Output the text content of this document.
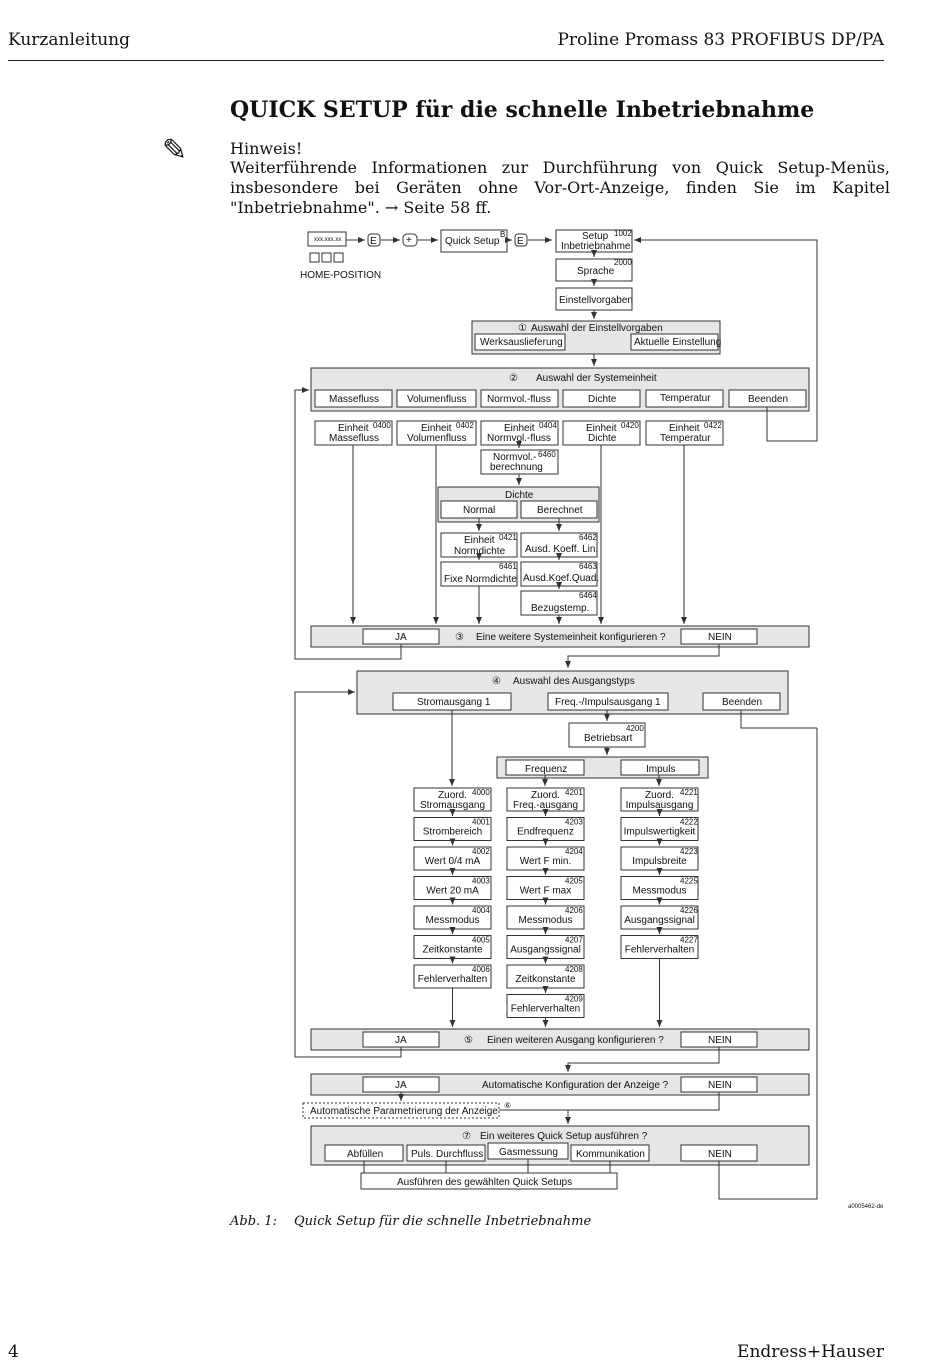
Kurzanleitung	Proline Promass 83 PROFIBUS DP/PA
QUICK SETUP für die schnelle Inbetriebnahme
✎	Hinweis!
Weiterführende Informationen zur Durchführung von Quick Setup-Menüs, insbesondere bei Geräten ohne Vor-Ort-Anzeige, finden Sie im Kapitel "Inbetriebnahme". → Seite 58 ff.
xxx.xxx.xx
HOME-POSITION
E	+	Quick Setup
B
E	Setup
Inbetriebnahme
1002
Sprache
2000
Einstellvorgaben
① Auswahl der Einstellvorgaben
Werksauslieferung	Aktuelle Einstellung
② Auswahl der Systemeinheit
Massefluss	Volumenfluss Normvol.-fluss	Dichte	Temperatur	Beenden
Einheit
Massefluss
0400	Einheit
Volumenfluss
0402	Einheit
Normvol.-fluss
0404	Einheit
Dichte
0420	Einheit
Temperatur
0422
Normvol.-
berechnung
6460
Dichte
Normal	Berechnet
Einheit
Normdichte
0421
Ausd. Koeff. Lin.
6462
Fixe Normdichte
6461
Ausd.Koef.Quad.
6463
Bezugstemp.
6464
JA	③ Eine weitere Systemeinheit konfigurieren ?	NEIN
④ Auswahl des Ausgangstyps
Stromausgang 1	Freq.-/Impulsausgang 1	Beenden
Betriebsart
4200
Frequenz	Impuls
Zuord.
Stromausgang
4000
Strombereich
4001
Wert 0/4 mA
4002
Wert 20 mA
4003
Messmodus
4004
Zeitkonstante
4005
Fehlerverhalten
4006
Zuord.
Freq.-ausgang
4201
Endfrequenz
4203
Wert F min.
4204
Wert F max
4205
Messmodus
4206
Ausgangssignal
4207
Zeitkonstante
4208
Fehlerverhalten
4209
Zuord.
Impulsausgang
4221
Impulswertigkeit
4222
Impulsbreite
4223
Messmodus
4225
Ausgangssignal
4226
Fehlerverhalten
4227
JA	⑤ Einen weiteren Ausgang konfigurieren ?	NEIN
JA	Automatische Konfiguration der Anzeige ?	NEIN
Automatische Parametrierung der Anzeige
⑥
⑦ Ein weiteres Quick Setup ausführen ?
Abfüllen	Puls. Durchfluss Gasmessung Kommunikation	NEIN
Ausführen des gewählten Quick Setups
a0005462-de
Abb. 1: Quick Setup für die schnelle Inbetriebnahme
4	Endress+Hauser
